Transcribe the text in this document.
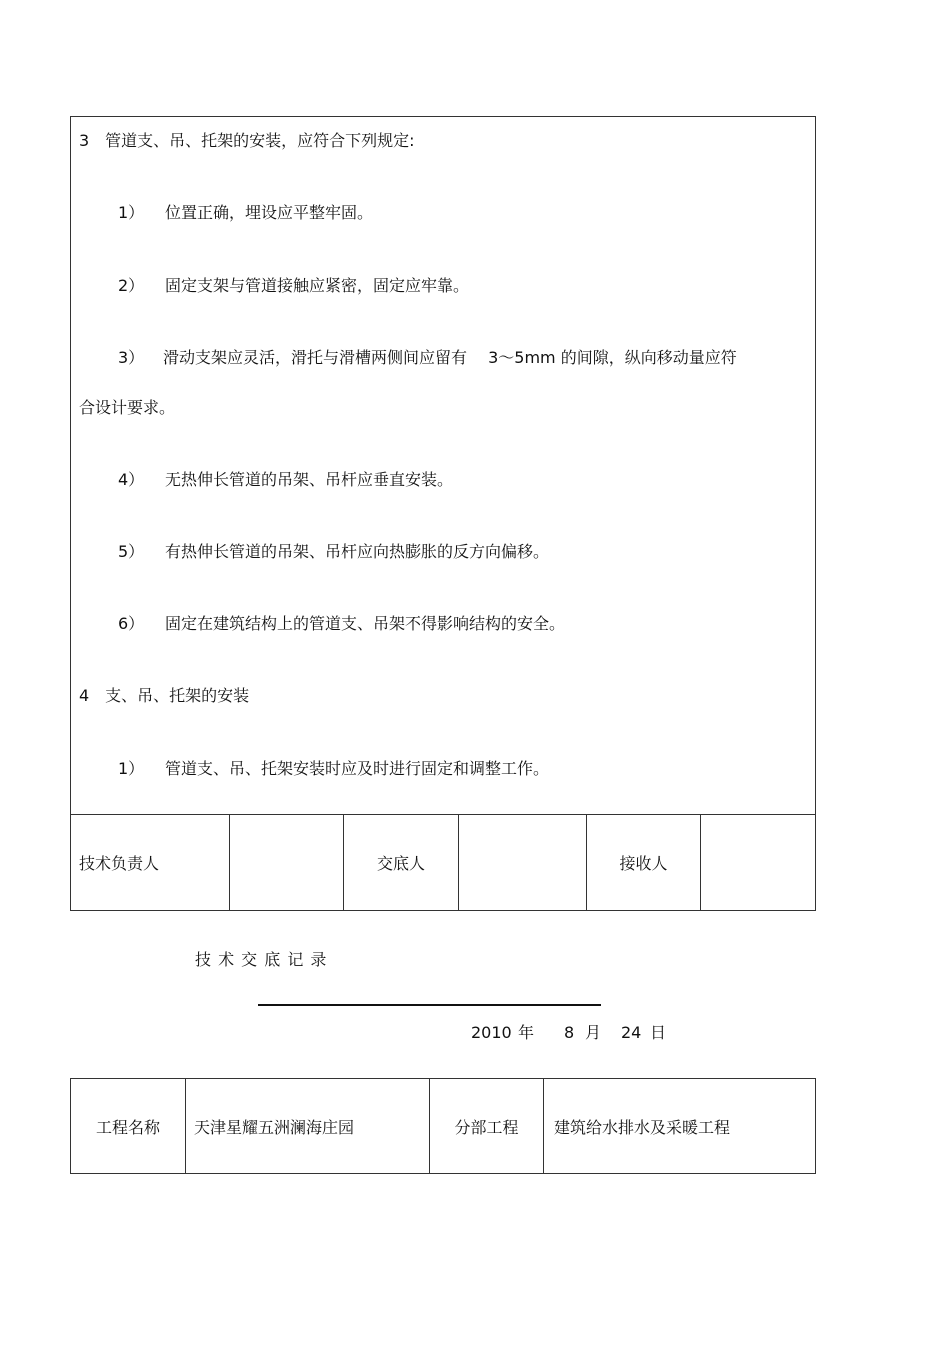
3　管道支、吊、托架的安装，应符合下列规定:
1） 位置正确，埋设应平整牢固。
2） 固定支架与管道接触应紧密，固定应牢靠。
3） 滑动支架应灵活，滑托与滑槽两侧间应留有　 3～5mm 的间隙，纵向移动量应符
合设计要求。
4） 无热伸长管道的吊架、吊杆应垂直安装。
5） 有热伸长管道的吊架、吊杆应向热膨胀的反方向偏移。
6） 固定在建筑结构上的管道支、吊架不得影响结构的安全。
4　支、吊、托架的安装
1） 管道支、吊、托架安装时应及时进行固定和调整工作。
技术负责人	交底人	接收人
技 术 交 底 记 录
2010 年 8 月 24 日
工程名称 天津星耀五洲澜海庄园	分部工程 建筑给水排水及采暖工程
